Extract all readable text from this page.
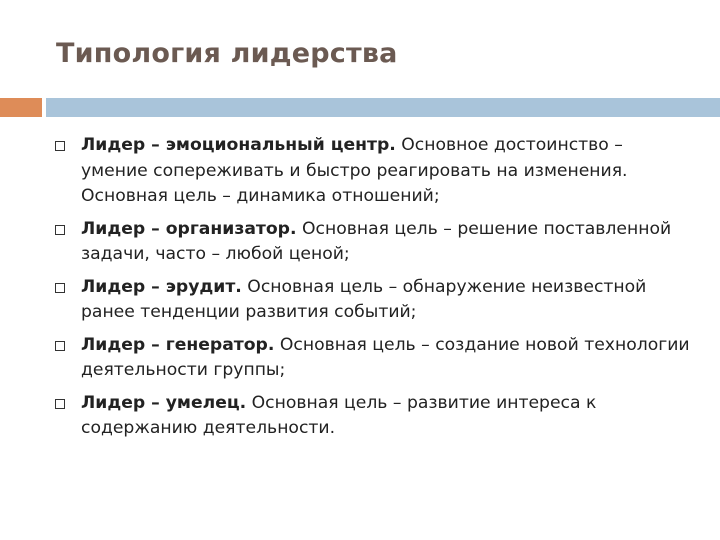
Типология лидерства
Лидер – эмоциональный центр. Основное достоинство – умение сопереживать и быстро реагировать на изменения. Основная цель – динамика отношений;
Лидер – организатор. Основная цель – решение поставленной задачи, часто – любой ценой;
Лидер – эрудит. Основная цель – обнаружение неизвестной ранее тенденции развития событий;
Лидер – генератор. Основная цель – создание новой технологии деятельности группы;
Лидер – умелец. Основная цель – развитие интереса к содержанию деятельности.
